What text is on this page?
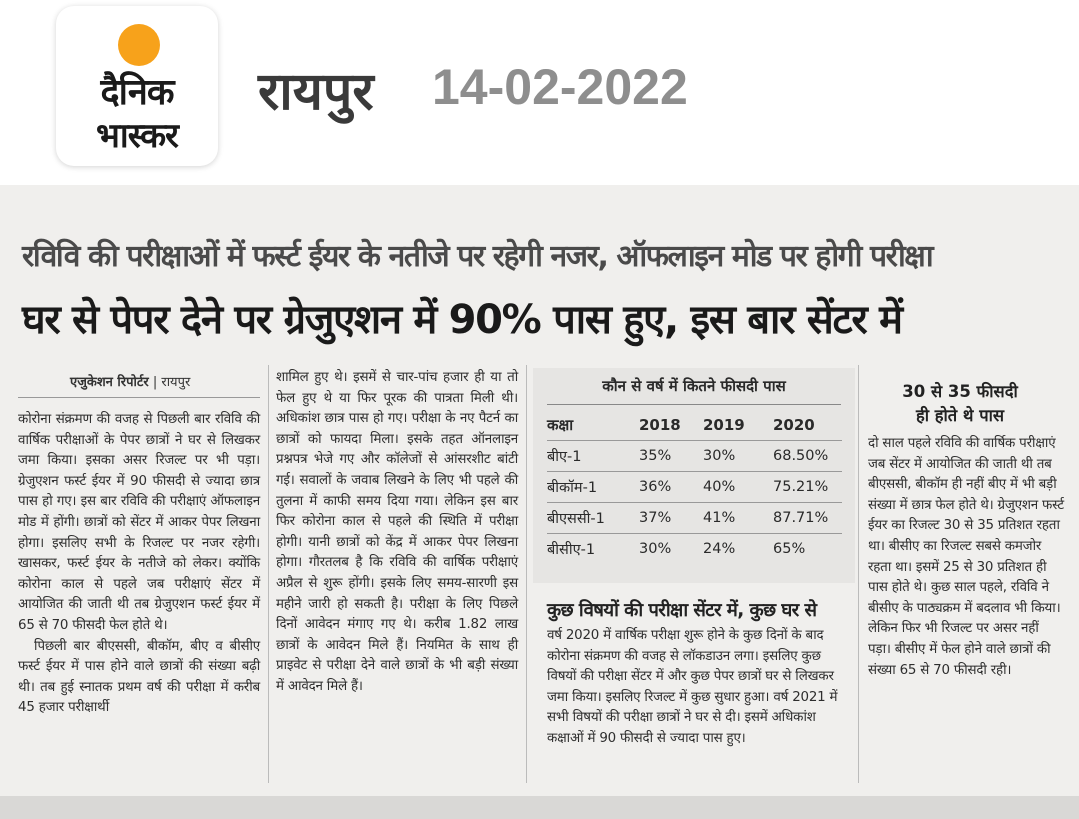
दैनिक
भास्कर
रायपुर 14-02-2022
रविवि की परीक्षाओं में फर्स्ट ईयर के नतीजे पर रहेगी नजर, ऑफलाइन मोड पर होगी परीक्षा
घर से पेपर देने पर ग्रेजुएशन में 90% पास हुए, इस बार सेंटर में
एजुकेशन रिपोर्टर | रायपुर

कोरोना संक्रमण की वजह से पिछली बार रविवि की वार्षिक परीक्षाओं के पेपर छात्रों ने घर से लिखकर जमा किया। इसका असर रिजल्ट पर भी पड़ा। ग्रेजुएशन फर्स्ट ईयर में 90 फीसदी से ज्यादा छात्र पास हो गए। इस बार रविवि की परीक्षाएं ऑफलाइन मोड में होंगी। छात्रों को सेंटर में आकर पेपर लिखना होगा। इसलिए सभी के रिजल्ट पर नजर रहेगी। खासकर, फर्स्ट ईयर के नतीजे को लेकर। क्योंकि कोरोना काल से पहले जब परीक्षाएं सेंटर में आयोजित की जाती थी तब ग्रेजुएशन फर्स्ट ईयर में 65 से 70 फीसदी फेल होते थे।

पिछली बार बीएससी, बीकॉम, बीए व बीसीए फर्स्ट ईयर में पास होने वाले छात्रों की संख्या बढ़ी थी। तब हुई स्नातक प्रथम वर्ष की परीक्षा में करीब 45 हजार परीक्षार्थी

शामिल हुए थे। इसमें से चार-पांच हजार ही या तो फेल हुए थे या फिर पूरक की पात्रता मिली थी। अधिकांश छात्र पास हो गए। परीक्षा के नए पैटर्न का छात्रों को फायदा मिला। इसके तहत ऑनलाइन प्रश्नपत्र भेजे गए और कॉलेजों से आंसरशीट बांटी गई। सवालों के जवाब लिखने के लिए भी पहले की तुलना में काफी समय दिया गया। लेकिन इस बार फिर कोरोना काल से पहले की स्थिति में परीक्षा होगी। यानी छात्रों को केंद्र में आकर पेपर लिखना होगा। गौरतलब है कि रविवि की वार्षिक परीक्षाएं अप्रैल से शुरू होंगी। इसके लिए समय-सारणी इस महीने जारी हो सकती है। परीक्षा के लिए पिछले दिनों आवेदन मंगाए गए थे। करीब 1.82 लाख छात्रों के आवेदन मिले हैं। नियमित के साथ ही प्राइवेट से परीक्षा देने वाले छात्रों के भी बड़ी संख्या में आवेदन मिले हैं।

कौन से वर्ष में कितने फीसदी पास
कक्षा	2018	2019	2020
बीए-1	35%	30%	68.50%
बीकॉम-1	36%	40%	75.21%
बीएससी-1	37%	41%	87.71%
बीसीए-1	30%	24%	65%
कुछ विषयों की परीक्षा सेंटर में, कुछ घर से
वर्ष 2020 में वार्षिक परीक्षा शुरू होने के कुछ दिनों के बाद कोरोना संक्रमण की वजह से लॉकडाउन लगा। इसलिए कुछ विषयों की परीक्षा सेंटर में और कुछ पेपर छात्रों घर से लिखकर जमा किया। इसलिए रिजल्ट में कुछ सुधार हुआ। वर्ष 2021 में सभी विषयों की परीक्षा छात्रों ने घर से दी। इसमें अधिकांश कक्षाओं में 90 फीसदी से ज्यादा पास हुए।
30 से 35 फीसदी
ही होते थे पास
दो साल पहले रविवि की वार्षिक परीक्षाएं जब सेंटर में आयोजित की जाती थी तब बीएससी, बीकॉम ही नहीं बीए में भी बड़ी संख्या में छात्र फेल होते थे। ग्रेजुएशन फर्स्ट ईयर का रिजल्ट 30 से 35 प्रतिशत रहता था। बीसीए का रिजल्ट सबसे कमजोर रहता था। इसमें 25 से 30 प्रतिशत ही पास होते थे। कुछ साल पहले, रविवि ने बीसीए के पाठ्यक्रम में बदलाव भी किया। लेकिन फिर भी रिजल्ट पर असर नहीं पड़ा। बीसीए में फेल होने वाले छात्रों की संख्या 65 से 70 फीसदी रही।
